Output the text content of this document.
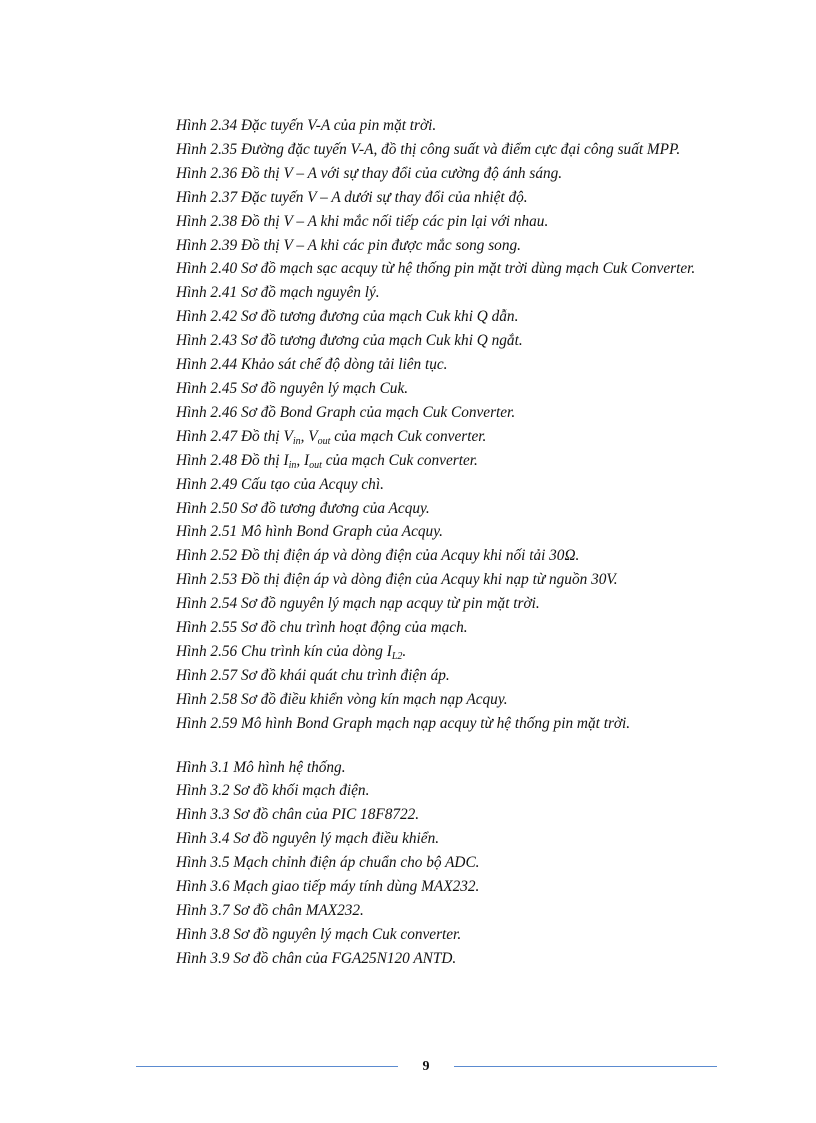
Hình 2.34 Đặc tuyến V-A của pin mặt trời.
Hình 2.35 Đường đặc tuyến V-A, đồ thị công suất và điểm cực đại công suất MPP.
Hình 2.36 Đồ thị V – A với sự thay đổi của cường độ ánh sáng.
Hình 2.37 Đặc tuyến V – A dưới sự thay đổi của nhiệt độ.
Hình 2.38 Đồ thị V – A khi mắc nối tiếp các pin lại với nhau.
Hình 2.39 Đồ thị V – A khi các pin được mắc song song.
Hình 2.40 Sơ đồ mạch sạc acquy từ hệ thống pin mặt trời dùng mạch Cuk Converter.
Hình 2.41 Sơ đồ mạch nguyên lý.
Hình 2.42 Sơ đồ tương đương của mạch Cuk khi Q dẫn.
Hình 2.43 Sơ đồ tương đương của mạch Cuk khi Q ngắt.
Hình 2.44 Khảo sát chế độ dòng tải liên tục.
Hình 2.45 Sơ đồ nguyên lý mạch Cuk.
Hình 2.46 Sơ đồ Bond Graph của mạch Cuk Converter.
Hình 2.47 Đồ thị $V_{in}$, $V_{out}$ của mạch Cuk converter.
Hình 2.48 Đồ thị $I_{in}$, $I_{out}$ của mạch Cuk converter.
Hình 2.49 Cấu tạo của Acquy chì.
Hình 2.50 Sơ đồ tương đương của Acquy.
Hình 2.51 Mô hình Bond Graph của Acquy.
Hình 2.52 Đồ thị điện áp và dòng điện của Acquy khi nối tải 30Ω.
Hình 2.53 Đồ thị điện áp và dòng điện của Acquy khi nạp từ nguồn 30V.
Hình 2.54 Sơ đồ nguyên lý mạch nạp acquy từ pin mặt trời.
Hình 2.55 Sơ đồ chu trình hoạt động của mạch.
Hình 2.56 Chu trình kín của dòng $I_{L2}$.
Hình 2.57 Sơ đồ khái quát chu trình điện áp.
Hình 2.58 Sơ đồ điều khiển vòng kín mạch nạp Acquy.
Hình 2.59 Mô hình Bond Graph mạch nạp acquy từ hệ thống pin mặt trời.
Hình 3.1 Mô hình hệ thống.
Hình 3.2 Sơ đồ khối mạch điện.
Hình 3.3 Sơ đồ chân của PIC 18F8722.
Hình 3.4 Sơ đồ nguyên lý mạch điều khiển.
Hình 3.5 Mạch chỉnh điện áp chuẩn cho bộ ADC.
Hình 3.6 Mạch giao tiếp máy tính dùng MAX232.
Hình 3.7 Sơ đồ chân MAX232.
Hình 3.8 Sơ đồ nguyên lý mạch Cuk converter.
Hình 3.9 Sơ đồ chân của FGA25N120 ANTD.
9
